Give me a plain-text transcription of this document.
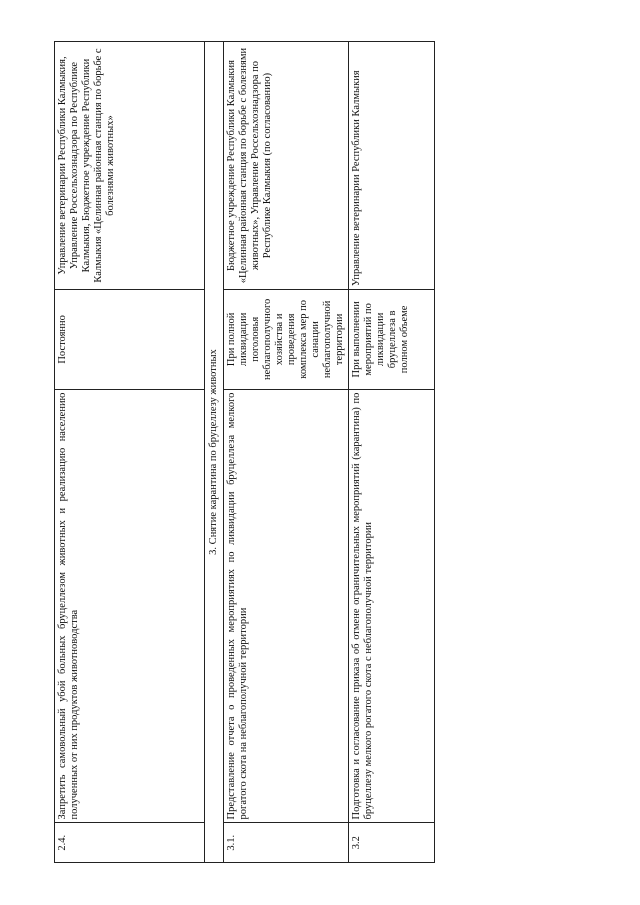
2.4.	Запретить самовольный убой больных бруцеллезом животных и реализацию населению полученных от них продуктов животноводства	Постоянно	Управление ветеринарии Республики Калмыкия, Управление Россельхознадзора по Республике Калмыкия, Бюджетное учреждение Республики Калмыкия «Целинная районная станция по борьбе с болезнями животных»
3. Снятие карантина по бруцеллезу животных			
3.1.	Представление отчета о проведенных мероприятиях по ликвидации бруцеллеза мелкого рогатого скота на неблагополучной территории	При полной ликвидации поголовья неблагополучного хозяйства и проведения комплекса мер по санации неблагополучной территории	Бюджетное учреждение Республики Калмыкия «Целинная районная станция по борьбе с болезнями животных», Управление Россельхознадзора по Республике Калмыкия (по согласованию)
3.2	Подготовка и согласование приказа об отмене ограничительных мероприятий (карантина) по бруцеллезу мелкого рогатого скота с неблагополучной территории	При выполнении мероприятий по ликвидации бруцеллеза в полном объеме	Управление ветеринарии Республики Калмыкия
